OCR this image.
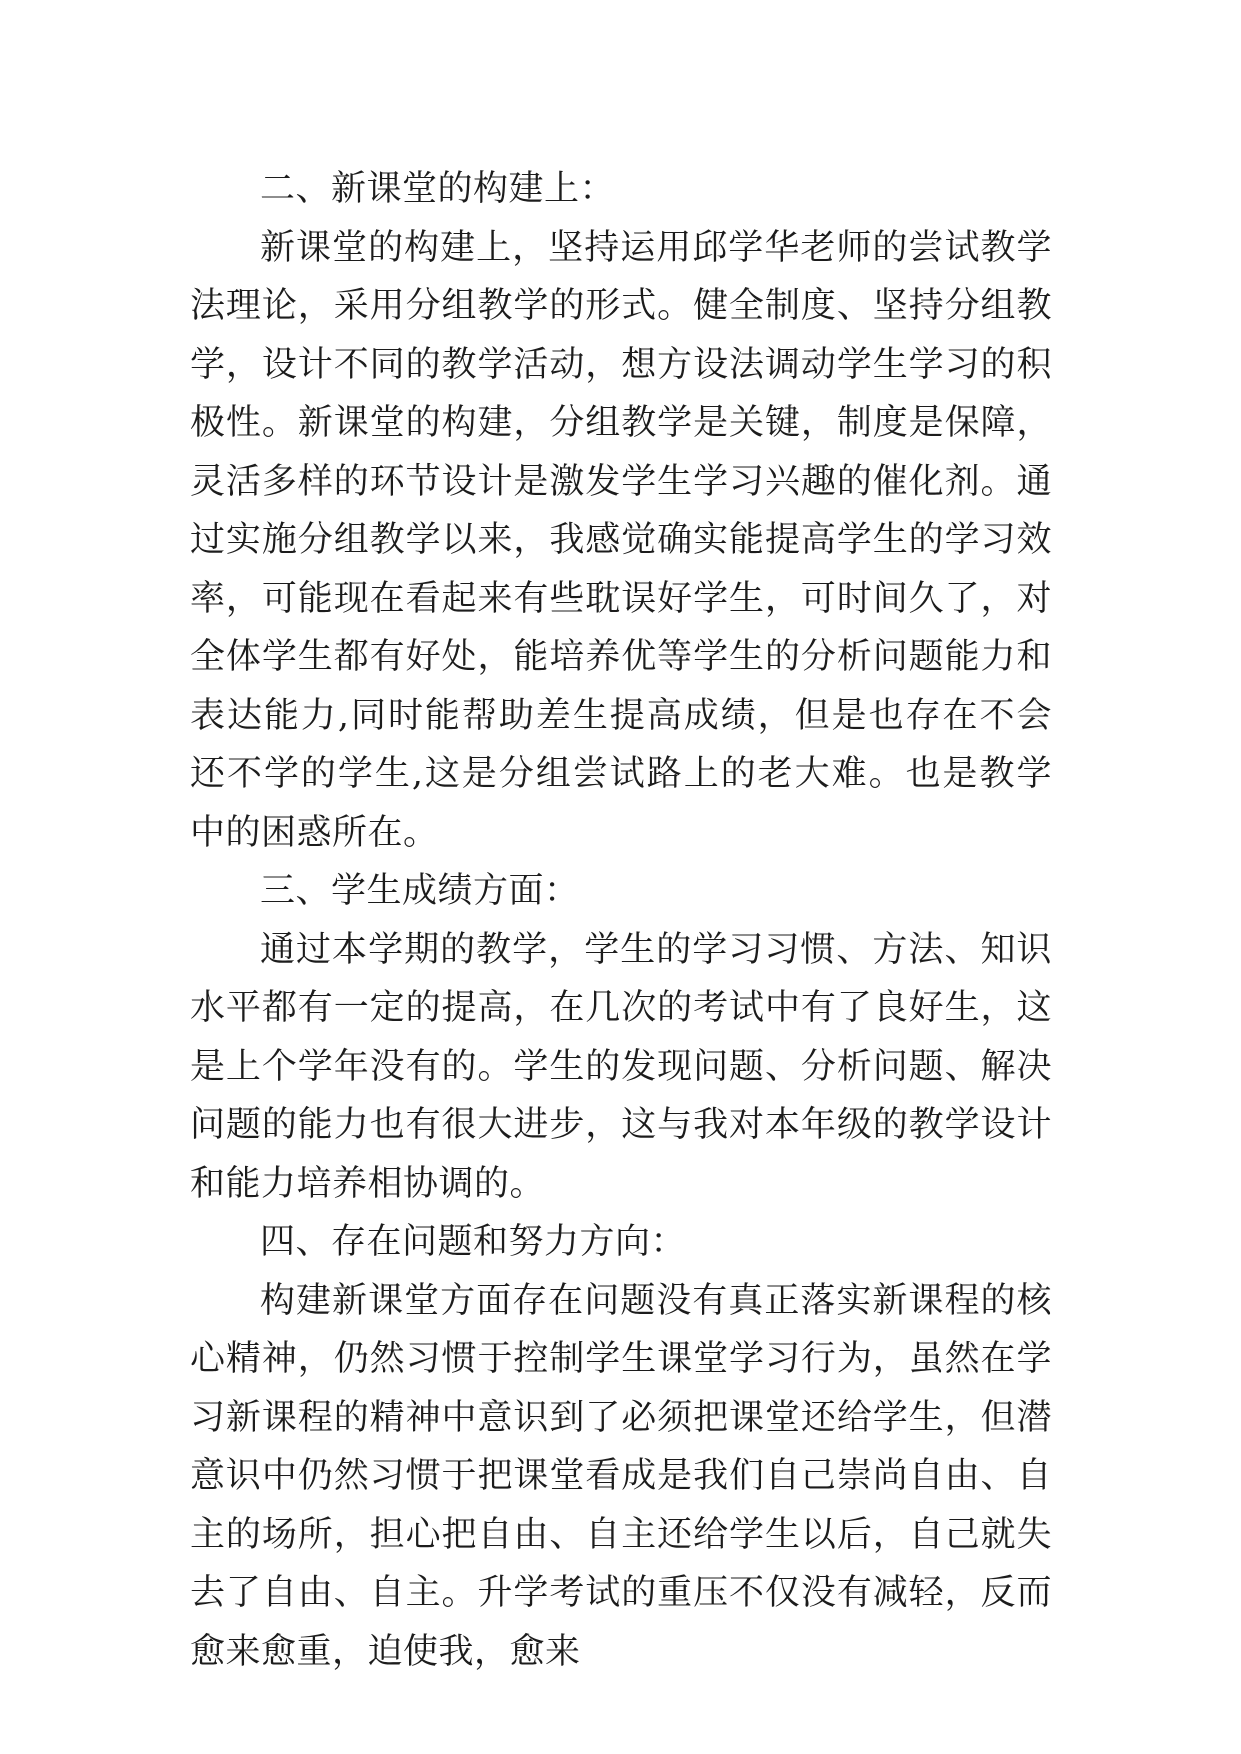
二、新课堂的构建上：

新课堂的构建上，坚持运用邱学华老师的尝试教学法理论，采用分组教学的形式。健全制度、坚持分组教学，设计不同的教学活动，想方设法调动学生学习的积极性。新课堂的构建，分组教学是关键，制度是保障，灵活多样的环节设计是激发学生学习兴趣的催化剂。通过实施分组教学以来，我感觉确实能提高学生的学习效率，可能现在看起来有些耽误好学生，可时间久了，对全体学生都有好处，能培养优等学生的分析问题能力和表达能力,同时能帮助差生提高成绩，但是也存在不会还不学的学生,这是分组尝试路上的老大难。也是教学中的困惑所在。

三、学生成绩方面：

通过本学期的教学，学生的学习习惯、方法、知识水平都有一定的提高，在几次的考试中有了良好生，这是上个学年没有的。学生的发现问题、分析问题、解决问题的能力也有很大进步，这与我对本年级的教学设计和能力培养相协调的。

四、存在问题和努力方向：

构建新课堂方面存在问题没有真正落实新课程的核心精神，仍然习惯于控制学生课堂学习行为，虽然在学习新课程的精神中意识到了必须把课堂还给学生，但潜意识中仍然习惯于把课堂看成是我们自己崇尚自由、自主的场所，担心把自由、自主还给学生以后，自己就失去了自由、自主。升学考试的重压不仅没有减轻，反而愈来愈重，迫使我，愈来
